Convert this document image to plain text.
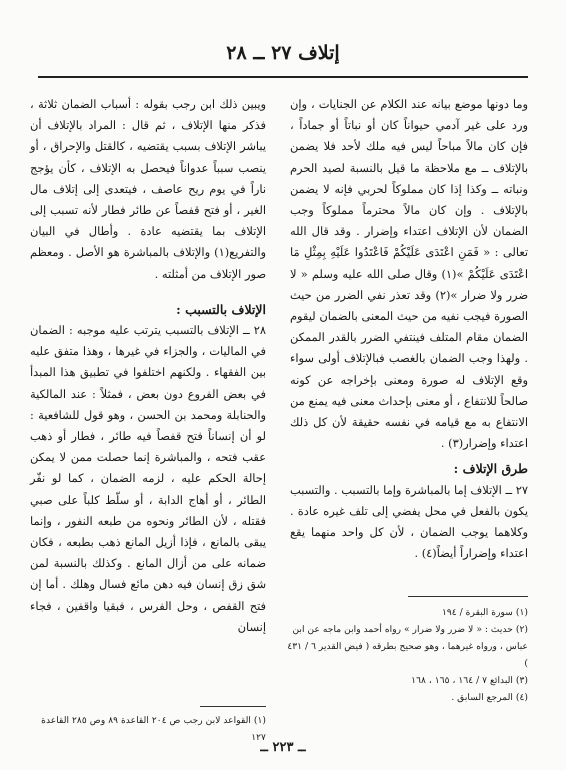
إتلاف ٢٧ ــ ٢٨

وما دونها موضع بيانه عند الكلام عن الجنايات ، وإن ورد على غير آدمي حيواناً كان أو نباتاً أو جماداً ، فإن كان مالاً مباحاً ليس فيه ملك لأحد فلا يضمن بالإتلاف ــ مع ملاحظة ما قيل بالنسبة لصيد الحرم ونباته ــ وكذا إذا كان مملوكاً لحربي فإنه لا يضمن بالإتلاف . وإن كان مالاً محترماً مملوكاً وجب الضمان لأن الإتلاف اعتداء وإضرار . وقد قال الله تعالى : « فَمَنِ اعْتَدَى عَلَيْكُمْ فَاعْتَدُوا عَلَيْهِ بِمِثْلِ مَا اعْتَدَى عَلَيْكُمْ »(١) وقال صلى الله عليه وسلم « لا ضرر ولا ضرار »(٢) وقد تعذر نفي الضرر من حيث الصورة فيجب نفيه من حيث المعنى بالضمان ليقوم الضمان مقام المتلف فينتفي الضرر بالقدر الممكن . ولهذا وجب الضمان بالغصب فبالإتلاف أولى سواء وقع الإتلاف له صورة ومعنى بإخراجه عن كونه صالحاً للانتفاع ، أو معنى بإحداث معنى فيه يمنع من الانتفاع به مع قيامه في نفسه حقيقة لأن كل ذلك اعتداء وإضرار(٣) .

طرق الإتلاف :

٢٧ ــ الإتلاف إما بالمباشرة وإما بالتسبب . والتسبب يكون بالفعل في محل يفضي إلى تلف غيره عادة . وكلاهما يوجب الضمان ، لأن كل واحد منهما يقع اعتداء وإضراراً أيضاً(٤) .

ويبين ذلك ابن رجب بقوله : أسباب الضمان ثلاثة ، فذكر منها الإتلاف ، ثم قال : المراد بالإتلاف أن يباشر الإتلاف بسبب يقتضيه ، كالقتل والإحراق ، أو ينصب سبباً عدواناً فيحصل به الإتلاف ، كأن يؤجج ناراً في يوم ريح عاصف ، فيتعدى إلى إتلاف مال الغير ، أو فتح قفصاً عن طائر فطار لأنه تسبب إلى الإتلاف بما يقتضيه عادة . وأطال في البيان والتفريع(١) والإتلاف بالمباشرة هو الأصل . ومعظم صور الإتلاف من أمثلته .

الإتلاف بالتسبب :

٢٨ ــ الإتلاف بالتسبب يترتب عليه موجبه : الضمان في الماليات ، والجزاء في غيرها ، وهذا متفق عليه بين الفقهاء . ولكنهم اختلفوا في تطبيق هذا المبدأ في بعض الفروع دون بعض ، فمثلاً : عند المالكية والحنابلة ومحمد بن الحسن ، وهو قول للشافعية : لو أن إنساناً فتح قفصاً فيه طائر ، فطار أو ذهب عقب فتحه ، والمباشرة إنما حصلت ممن لا يمكن إحالة الحكم عليه ، لزمه الضمان ، كما لو نفّر الطائر ، أو أهاج الدابة ، أو سلّط كلباً على صبي فقتله ، لأن الطائر ونحوه من طبعه النفور ، وإنما يبقى بالمانع ، فإذا أزيل المانع ذهب بطبعه ، فكان ضمانه على من أزال المانع . وكذلك بالنسبة لمن شق زق إنسان فيه دهن مائع فسال وهلك . أما إن فتح القفص ، وحل الفرس ، فبقيا واقفين ، فجاء إنسان

(١) سورة البقرة / ١٩٤

(٢) حديث : « لا ضرر ولا ضرار » رواه أحمد وابن ماجه عن ابن عباس ، ورواه غيرهما ، وهو صحيح بطرقه ( فيض القدير ٦ / ٤٣١ )

(٣) البدائع ٧ / ١٦٤ ، ١٦٥ ، ١٦٨

(٤) المرجع السابق .

(١) القواعد لابن رجب ص ٢٠٤ القاعدة ٨٩ وص ٢٨٥ القاعدة ١٢٧

ــ ٢٢٣ ــ
